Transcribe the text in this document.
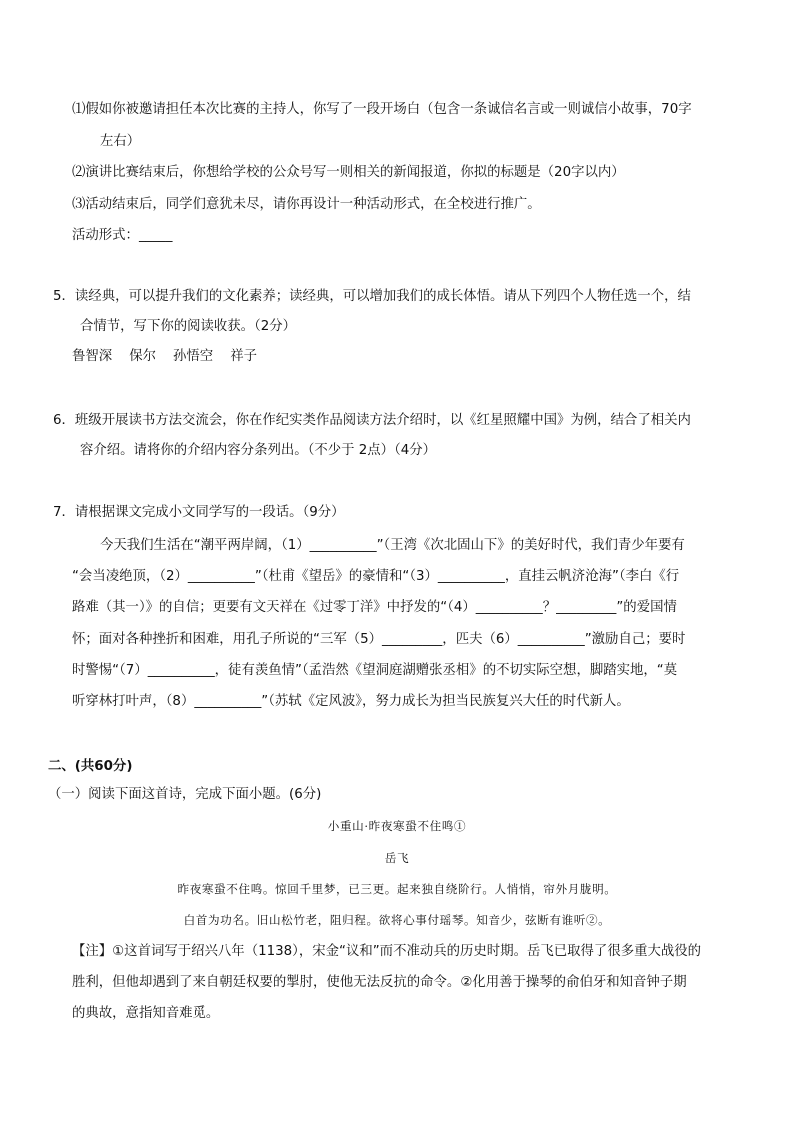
⑴假如你被邀请担任本次比赛的主持人，你写了一段开场白（包含一条诚信名言或一则诚信小故事，70字
左右）
⑵演讲比赛结束后，你想给学校的公众号写一则相关的新闻报道，你拟的标题是（20字以内）
⑶活动结束后，同学们意犹未尽，请你再设计一种活动形式，在全校进行推广。
活动形式：_____
5．读经典，可以提升我们的文化素养；读经典，可以增加我们的成长体悟。请从下列四个人物任选一个，结
合情节，写下你的阅读收获。（2分）
鲁智深    保尔    孙悟空    祥子
6．班级开展读书方法交流会，你在作纪实类作品阅读方法介绍时，以《红星照耀中国》为例，结合了相关内
容介绍。请将你的介绍内容分条列出。（不少于 2点）（4分）
7．请根据课文完成小文同学写的一段话。（9分）
今天我们生活在“潮平两岸阔，（1）__________”（王湾《次北固山下》的美好时代，我们青少年要有
“会当凌绝顶，（2）__________”（杜甫《望岳》的豪情和“（3）__________，直挂云帆济沧海”（李白《行
路难（其一）》的自信；更要有文天祥在《过零丁洋》中抒发的“（4）__________？_________”的爱国情
怀；面对各种挫折和困难，用孔子所说的“三军（5）_________，匹夫（6）__________”激励自己；要时
时警惕“（7）__________，徒有羡鱼情”（孟浩然《望洞庭湖赠张丞相》的不切实际空想，脚踏实地，“莫
听穿林打叶声，（8）__________”（苏轼《定风波》，努力成长为担当民族复兴大任的时代新人。
二、(共60分)
（一）阅读下面这首诗，完成下面小题。(6分)
小重山·昨夜寒蛩不住鸣①
岳飞
昨夜寒蛩不住鸣。惊回千里梦，已三更。起来独自绕阶行。人悄悄，帘外月胧明。
白首为功名。旧山松竹老，阻归程。欲将心事付瑶琴。知音少，弦断有谁听②。
【注】①这首词写于绍兴八年（1138），宋金“议和”而不准动兵的历史时期。岳飞已取得了很多重大战役的
胜利，但他却遇到了来自朝廷权要的掣肘，使他无法反抗的命令。②化用善于操琴的俞伯牙和知音钟子期
的典故，意指知音难觅。
